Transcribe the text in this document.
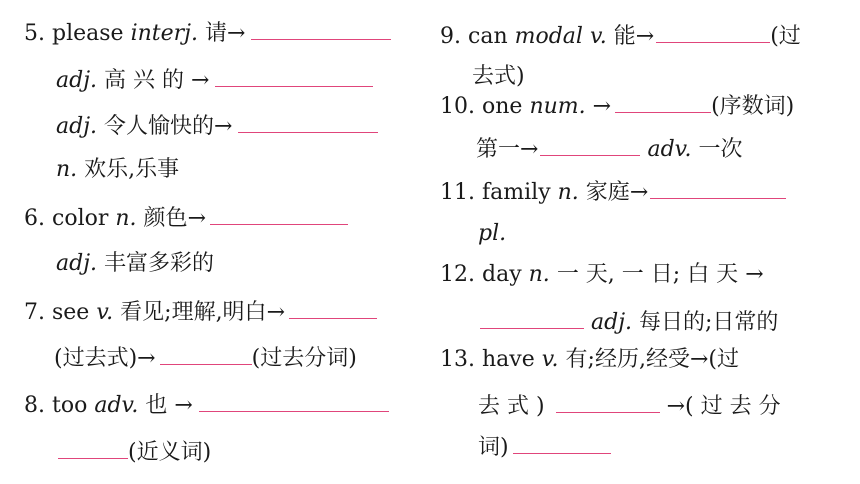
5. please interj. 请→
adj. 高 兴 的 →
adj. 令人愉快的→
n. 欢乐,乐事
6. color n. 颜色→
adj. 丰富多彩的
7. see v. 看见;理解,明白→
(过去式)→	(过去分词)
8. too adv. 也 →
(近义词)
9. can modal v. 能→	(过
去式)
10. one num. →	(序数词)
第一→	adv. 一次
11. family n. 家庭→
pl.
12. day n. 一 天, 一 日; 白 天 →
adj. 每日的;日常的
13. have v. 有;经历,经受→(过
去 式 )	→( 过 去 分
词)
